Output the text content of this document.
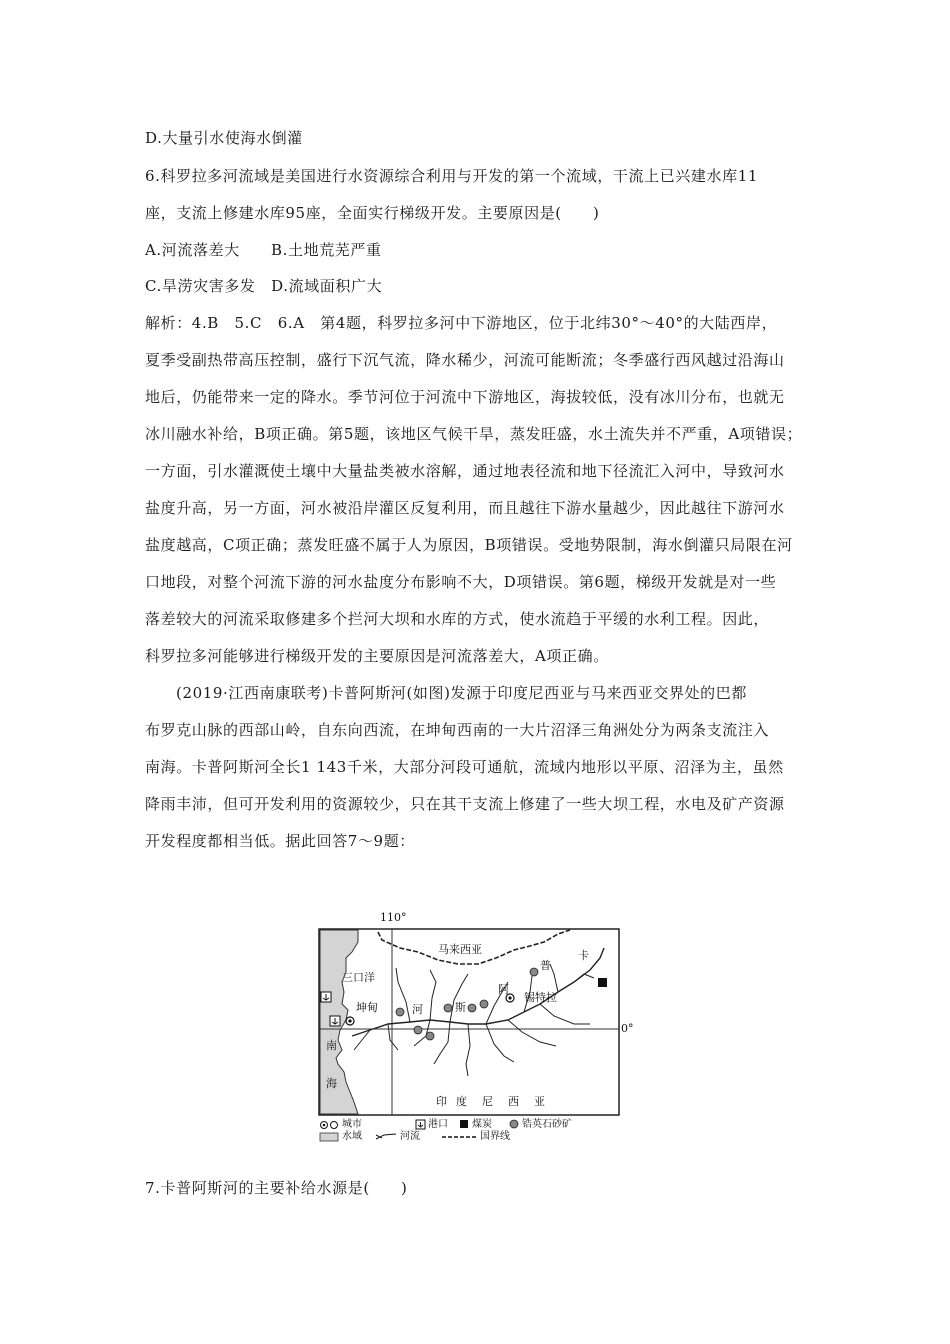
D.大量引水使海水倒灌
6.科罗拉多河流域是美国进行水资源综合利用与开发的第一个流域，干流上已兴建水库11
座，支流上修建水库95座，全面实行梯级开发。主要原因是(　　)
A.河流落差大　　B.土地荒芜严重
C.旱涝灾害多发　D.流域面积广大
解析：4.B　5.C　6.A　第4题，科罗拉多河中下游地区，位于北纬30°～40°的大陆西岸，
夏季受副热带高压控制，盛行下沉气流，降水稀少，河流可能断流；冬季盛行西风越过沿海山
地后，仍能带来一定的降水。季节河位于河流中下游地区，海拔较低，没有冰川分布，也就无
冰川融水补给，B项正确。第5题，该地区气候干旱，蒸发旺盛，水土流失并不严重，A项错误；
一方面，引水灌溉使土壤中大量盐类被水溶解，通过地表径流和地下径流汇入河中，导致河水
盐度升高，另一方面，河水被沿岸灌区反复利用，而且越往下游水量越少，因此越往下游河水
盐度越高，C项正确；蒸发旺盛不属于人为原因，B项错误。受地势限制，海水倒灌只局限在河
口地段，对整个河流下游的河水盐度分布影响不大，D项错误。第6题，梯级开发就是对一些
落差较大的河流采取修建多个拦河大坝和水库的方式，使水流趋于平缓的水利工程。因此，
科罗拉多河能够进行梯级开发的主要原因是河流落差大，A项正确。
(2019·江西南康联考)卡普阿斯河(如图)发源于印度尼西亚与马来西亚交界处的巴都
布罗克山脉的西部山岭，自东向西流，在坤甸西南的一大片沼泽三角洲处分为两条支流注入
南海。卡普阿斯河全长1 143千米，大部分河段可通航，流域内地形以平原、沼泽为主，虽然
降雨丰沛，但可开发利用的资源较少，只在其干支流上修建了一些大坝工程，水电及矿产资源
开发程度都相当低。据此回答7～9题：
110°
0°
马来西亚
三口洋
坤甸
锡特拉
卡
普
阿
斯
河
南
海
印 度 尼 西 亚
城市	港口 煤炭	锆英石砂矿
水域	河流	国界线
7.卡普阿斯河的主要补给水源是(　　)
